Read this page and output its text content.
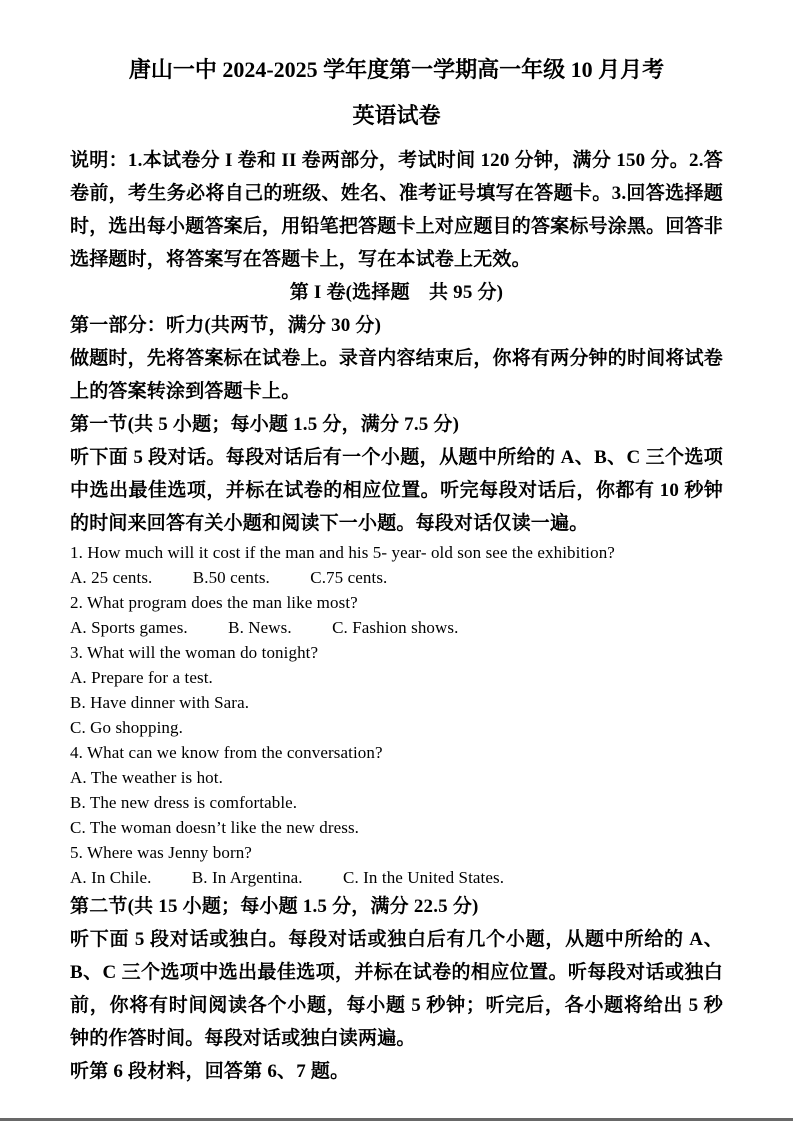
唐山一中 2024-2025 学年度第一学期高一年级 10 月月考
英语试卷

说明：1.本试卷分 I 卷和 II 卷两部分，考试时间 120 分钟，满分 150 分。2.答卷前，考生务必将自己的班级、姓名、准考证号填写在答题卡。3.回答选择题时，选出每小题答案后，用铅笔把答题卡上对应题目的答案标号涂黑。回答非选择题时，将答案写在答题卡上，写在本试卷上无效。

第 I 卷(选择题　共 95 分)

第一部分：听力(共两节，满分 30 分)

做题时，先将答案标在试卷上。录音内容结束后，你将有两分钟的时间将试卷上的答案转涂到答题卡上。

第一节(共 5 小题；每小题 1.5 分，满分 7.5 分)

听下面 5 段对话。每段对话后有一个小题，从题中所给的 A、B、C 三个选项中选出最佳选项，并标在试卷的相应位置。听完每段对话后，你都有 10 秒钟的时间来回答有关小题和阅读下一小题。每段对话仅读一遍。

1. How much will it cost if the man and his 5- year- old son see the exhibition?

A. 25 cents. B.50 cents. C.75 cents.

2. What program does the man like most?

A. Sports games. B. News. C. Fashion shows.

3. What will the woman do tonight?

A. Prepare for a test.

B. Have dinner with Sara.

C. Go shopping.

4. What can we know from the conversation?

A. The weather is hot.

B. The new dress is comfortable.

C. The woman doesn’t like the new dress.

5. Where was Jenny born?

A. In Chile. B. In Argentina. C. In the United States.

第二节(共 15 小题；每小题 1.5 分，满分 22.5 分)

听下面 5 段对话或独白。每段对话或独白后有几个小题，从题中所给的 A、B、C 三个选项中选出最佳选项，并标在试卷的相应位置。听每段对话或独白前，你将有时间阅读各个小题，每小题 5 秒钟；听完后，各小题将给出 5 秒钟的作答时间。每段对话或独白读两遍。

听第 6 段材料，回答第 6、7 题。
